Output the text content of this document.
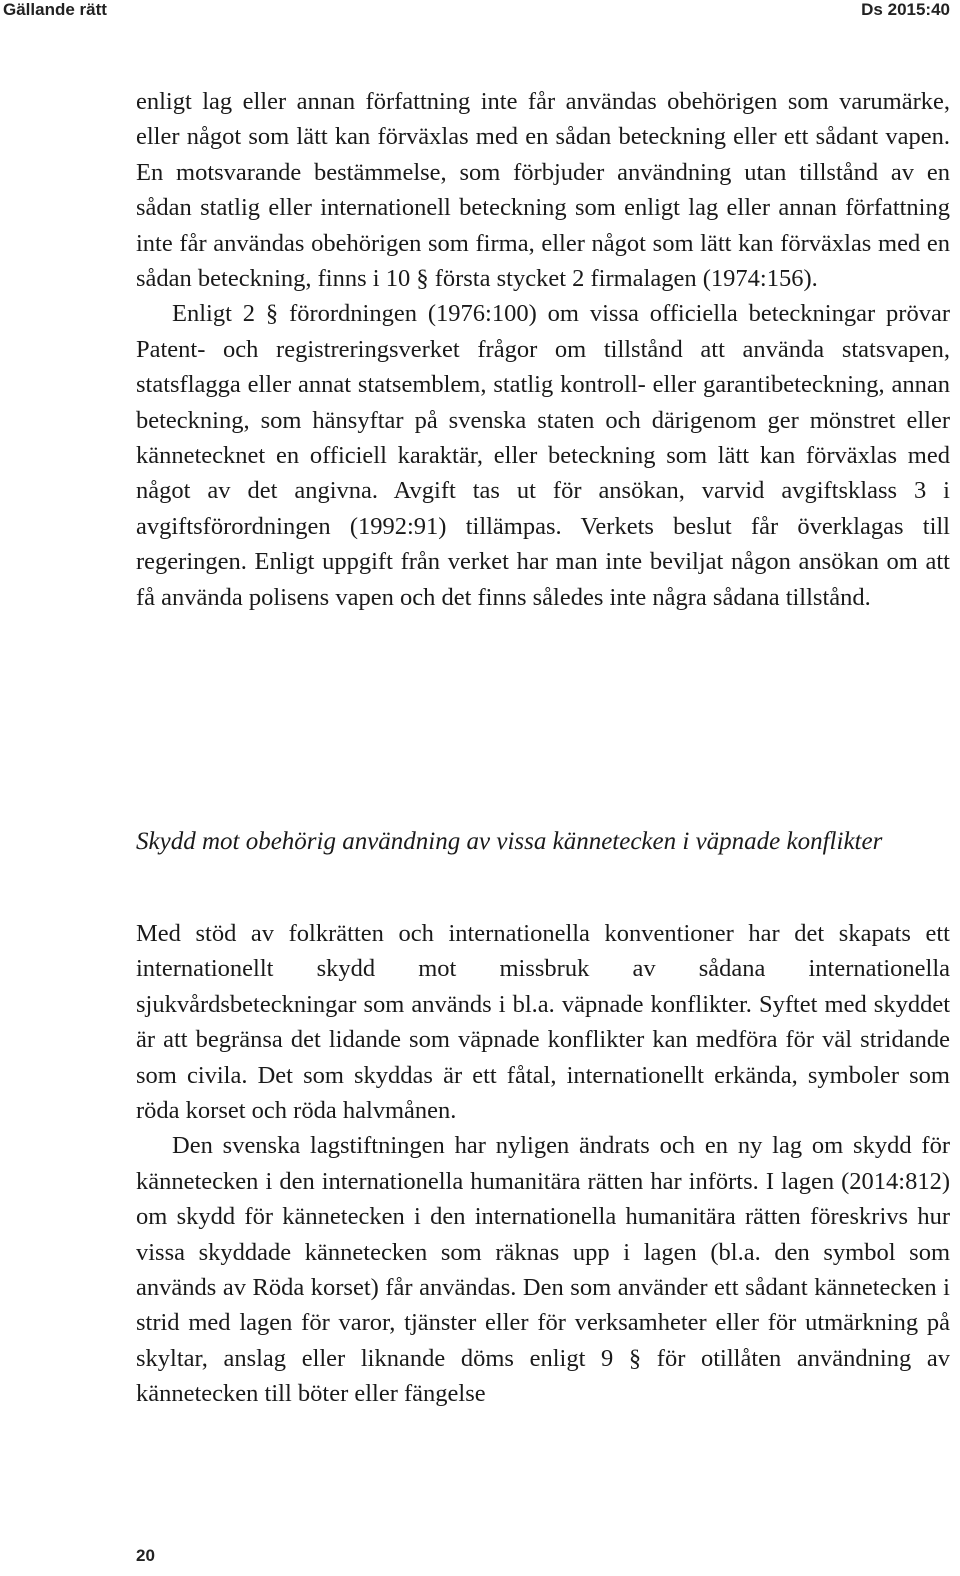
Gällande rätt	Ds 2015:40

enligt lag eller annan författning inte får användas obehörigen som varumärke, eller något som lätt kan förväxlas med en sådan beteckning eller ett sådant vapen. En motsvarande bestämmelse, som förbjuder användning utan tillstånd av en sådan statlig eller internationell beteckning som enligt lag eller annan författning inte får användas obehörigen som firma, eller något som lätt kan förväxlas med en sådan beteckning, finns i 10 § första stycket 2 firmalagen (1974:156).

Enligt 2 § förordningen (1976:100) om vissa officiella beteckningar prövar Patent- och registreringsverket frågor om tillstånd att använda statsvapen, statsflagga eller annat statsemblem, statlig kontroll- eller garantibeteckning, annan beteckning, som hänsyftar på svenska staten och därigenom ger mönstret eller kännetecknet en officiell karaktär, eller beteckning som lätt kan förväxlas med något av det angivna. Avgift tas ut för ansökan, varvid avgiftsklass 3 i avgiftsförordningen (1992:91) tillämpas. Verkets beslut får överklagas till regeringen. Enligt uppgift från verket har man inte beviljat någon ansökan om att få använda polisens vapen och det finns således inte några sådana tillstånd.

Skydd mot obehörig användning av vissa kännetecken i väpnade konflikter

Med stöd av folkrätten och internationella konventioner har det skapats ett internationellt skydd mot missbruk av sådana internationella sjukvårdsbeteckningar som används i bl.a. väpnade konflikter. Syftet med skyddet är att begränsa det lidande som väpnade konflikter kan medföra för väl stridande som civila. Det som skyddas är ett fåtal, internationellt erkända, symboler som röda korset och röda halvmånen.

Den svenska lagstiftningen har nyligen ändrats och en ny lag om skydd för kännetecken i den internationella humanitära rätten har införts. I lagen (2014:812) om skydd för kännetecken i den internationella humanitära rätten föreskrivs hur vissa skyddade kännetecken som räknas upp i lagen (bl.a. den symbol som används av Röda korset) får användas. Den som använder ett sådant kännetecken i strid med lagen för varor, tjänster eller för verksamheter eller för utmärkning på skyltar, anslag eller liknande döms enligt 9 § för otillåten användning av kännetecken till böter eller fängelse

20
